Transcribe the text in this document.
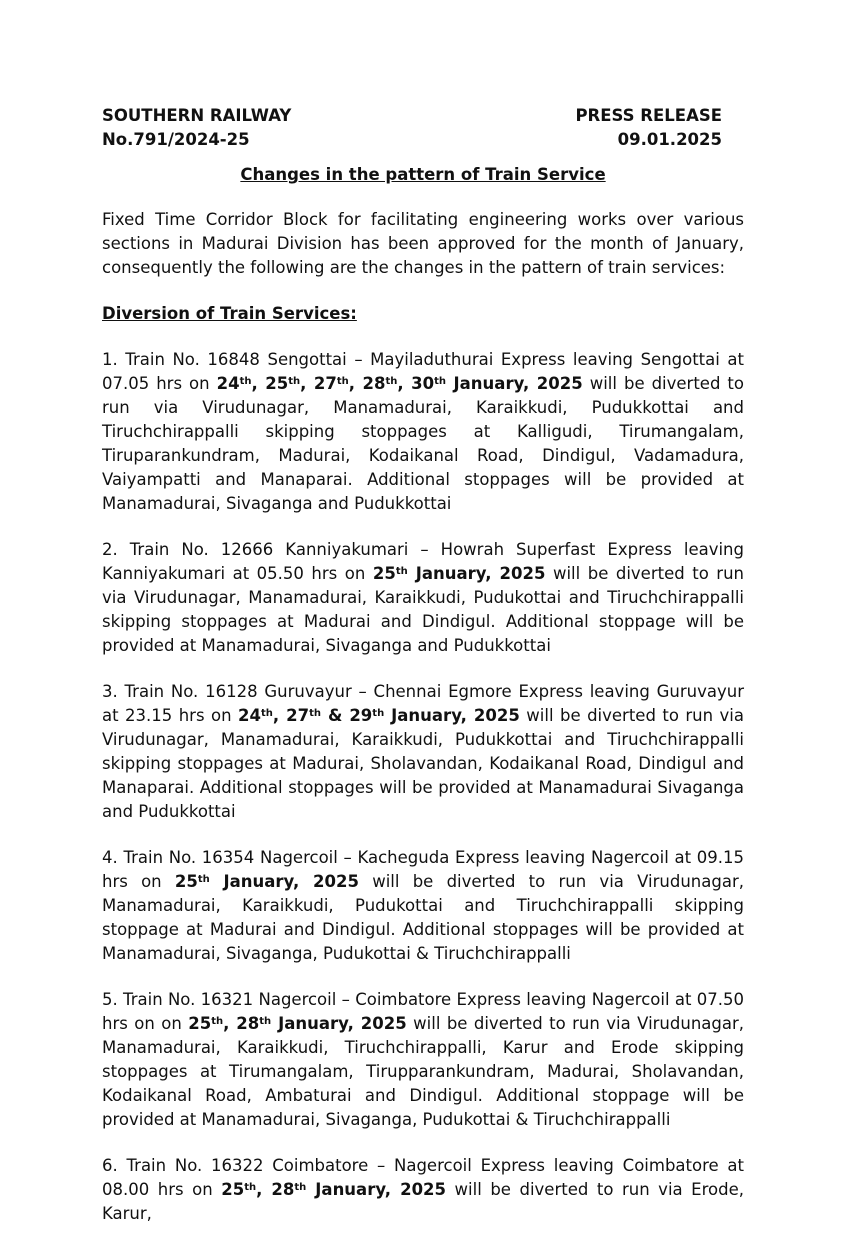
SOUTHERN RAILWAY	PRESS RELEASE
No.791/2024-25	09.01.2025
Changes in the pattern of Train Service

Fixed Time Corridor Block for facilitating engineering works over various sections in Madurai Division has been approved for the month of January, consequently the following are the changes in the pattern of train services:

Diversion of Train Services:

1. Train No. 16848 Sengottai – Mayiladuthurai Express leaving Sengottai at 07.05 hrs on 24th, 25th, 27th, 28th, 30th January, 2025 will be diverted to run via Virudunagar, Manamadurai, Karaikkudi, Pudukkottai and Tiruchchirappalli skipping stoppages at Kalligudi, Tirumangalam, Tiruparankundram, Madurai, Kodaikanal Road, Dindigul, Vadamadura, Vaiyampatti and Manaparai. Additional stoppages will be provided at Manamadurai, Sivaganga and Pudukkottai

2. Train No. 12666 Kanniyakumari – Howrah Superfast Express leaving Kanniyakumari at 05.50 hrs on 25th January, 2025 will be diverted to run via Virudunagar, Manamadurai, Karaikkudi, Pudukottai and Tiruchchirappalli skipping stoppages at Madurai and Dindigul. Additional stoppage will be provided at Manamadurai, Sivaganga and Pudukkottai

3. Train No. 16128 Guruvayur – Chennai Egmore Express leaving Guruvayur at 23.15 hrs on 24th, 27th & 29th January, 2025 will be diverted to run via Virudunagar, Manamadurai, Karaikkudi, Pudukkottai and Tiruchchirappalli skipping stoppages at Madurai, Sholavandan, Kodaikanal Road, Dindigul and Manaparai. Additional stoppages will be provided at Manamadurai Sivaganga and Pudukkottai

4. Train No. 16354 Nagercoil – Kacheguda Express leaving Nagercoil at 09.15 hrs on 25th January, 2025 will be diverted to run via Virudunagar, Manamadurai, Karaikkudi, Pudukottai and Tiruchchirappalli skipping stoppage at Madurai and Dindigul. Additional stoppages will be provided at Manamadurai, Sivaganga, Pudukottai & Tiruchchirappalli

5. Train No. 16321 Nagercoil – Coimbatore Express leaving Nagercoil at 07.50 hrs on on 25th, 28th January, 2025 will be diverted to run via Virudunagar, Manamadurai, Karaikkudi, Tiruchchirappalli, Karur and Erode skipping stoppages at Tirumangalam, Tirupparankundram, Madurai, Sholavandan, Kodaikanal Road, Ambaturai and Dindigul. Additional stoppage will be provided at Manamadurai, Sivaganga, Pudukottai & Tiruchchirappalli

6. Train No. 16322 Coimbatore – Nagercoil Express leaving Coimbatore at 08.00 hrs on 25th, 28th January, 2025 will be diverted to run via Erode, Karur,
